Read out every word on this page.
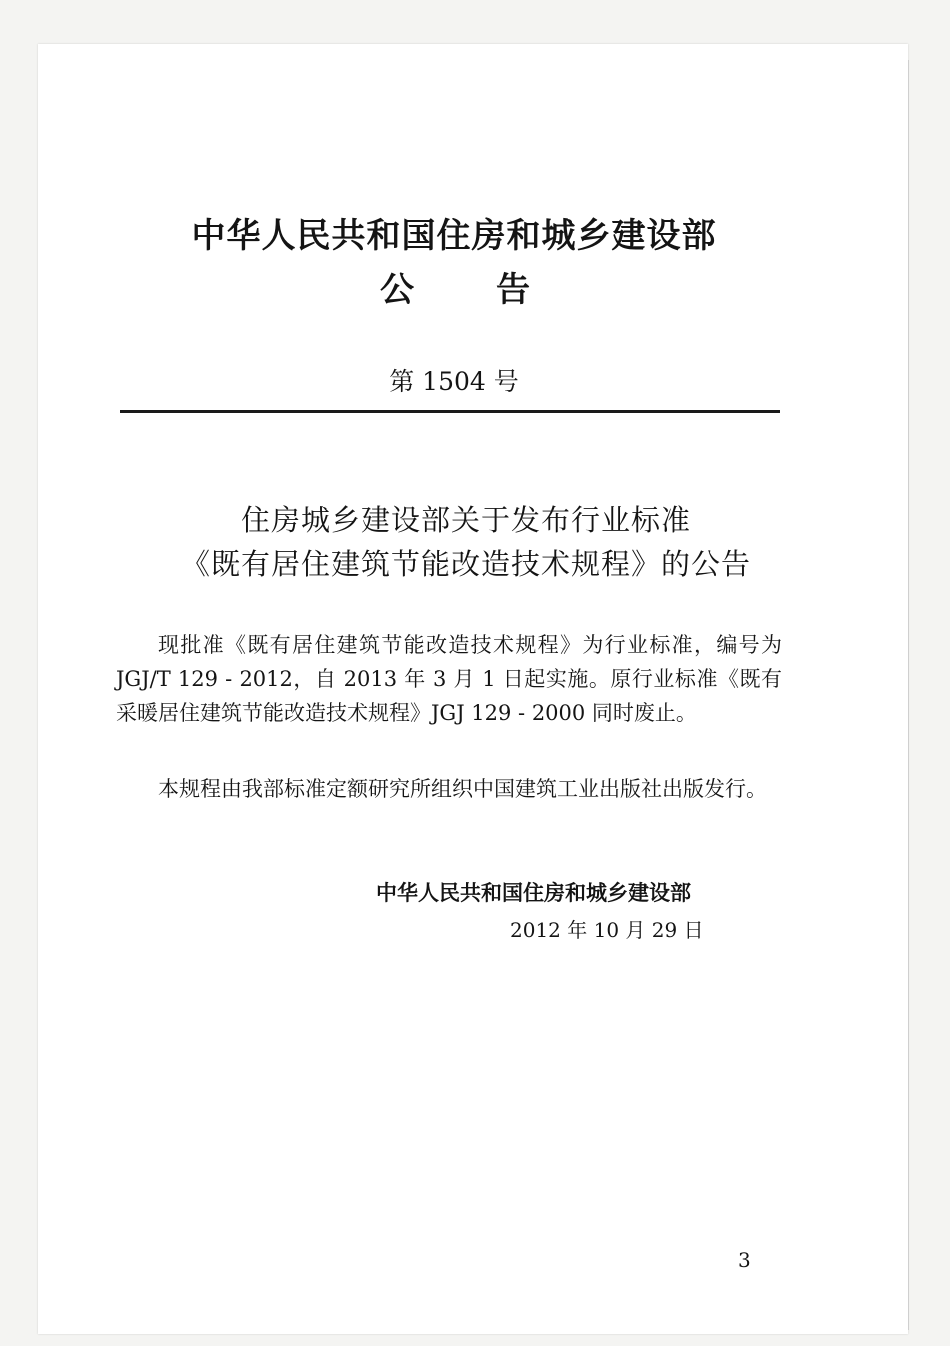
中华人民共和国住房和城乡建设部
公 告
第 1504 号
住房城乡建设部关于发布行业标准
《既有居住建筑节能改造技术规程》的公告

现批准《既有居住建筑节能改造技术规程》为行业标准，编号为 JGJ/T 129 - 2012，自 2013 年 3 月 1 日起实施。原行业标准《既有采暖居住建筑节能改造技术规程》JGJ 129 - 2000 同时废止。

本规程由我部标准定额研究所组织中国建筑工业出版社出版发行。

中华人民共和国住房和城乡建设部
2012 年 10 月 29 日
3
